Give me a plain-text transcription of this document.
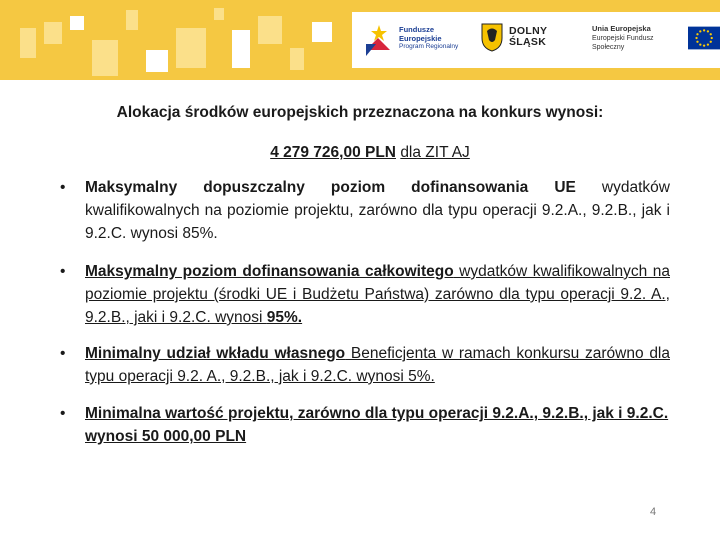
Fundusze
Europejskie
Program Regionalny
DOLNY
ŚLĄSK
Unia Europejska
Europejski Fundusz Społeczny
Alokacja środków europejskich przeznaczona na konkurs wynosi:
4 279 726,00 PLN dla ZIT AJ
• Maksymalny dopuszczalny poziom dofinansowania UE wydatków kwalifikowalnych na poziomie projektu, zarówno dla typu operacji 9.2.A., 9.2.B., jak i 9.2.C. wynosi 85%.
• Maksymalny poziom dofinansowania całkowitego wydatków kwalifikowalnych na poziomie projektu (środki UE i Budżetu Państwa) zarówno dla typu operacji 9.2. A., 9.2.B., jaki i 9.2.C. wynosi 95%.
• Minimalny udział wkładu własnego Beneficjenta w ramach konkursu zarówno dla typu operacji 9.2. A., 9.2.B., jak i 9.2.C. wynosi 5%.
• Minimalna wartość projektu, zarówno dla typu operacji 9.2.A., 9.2.B., jak i 9.2.C. wynosi 50 000,00 PLN
4
